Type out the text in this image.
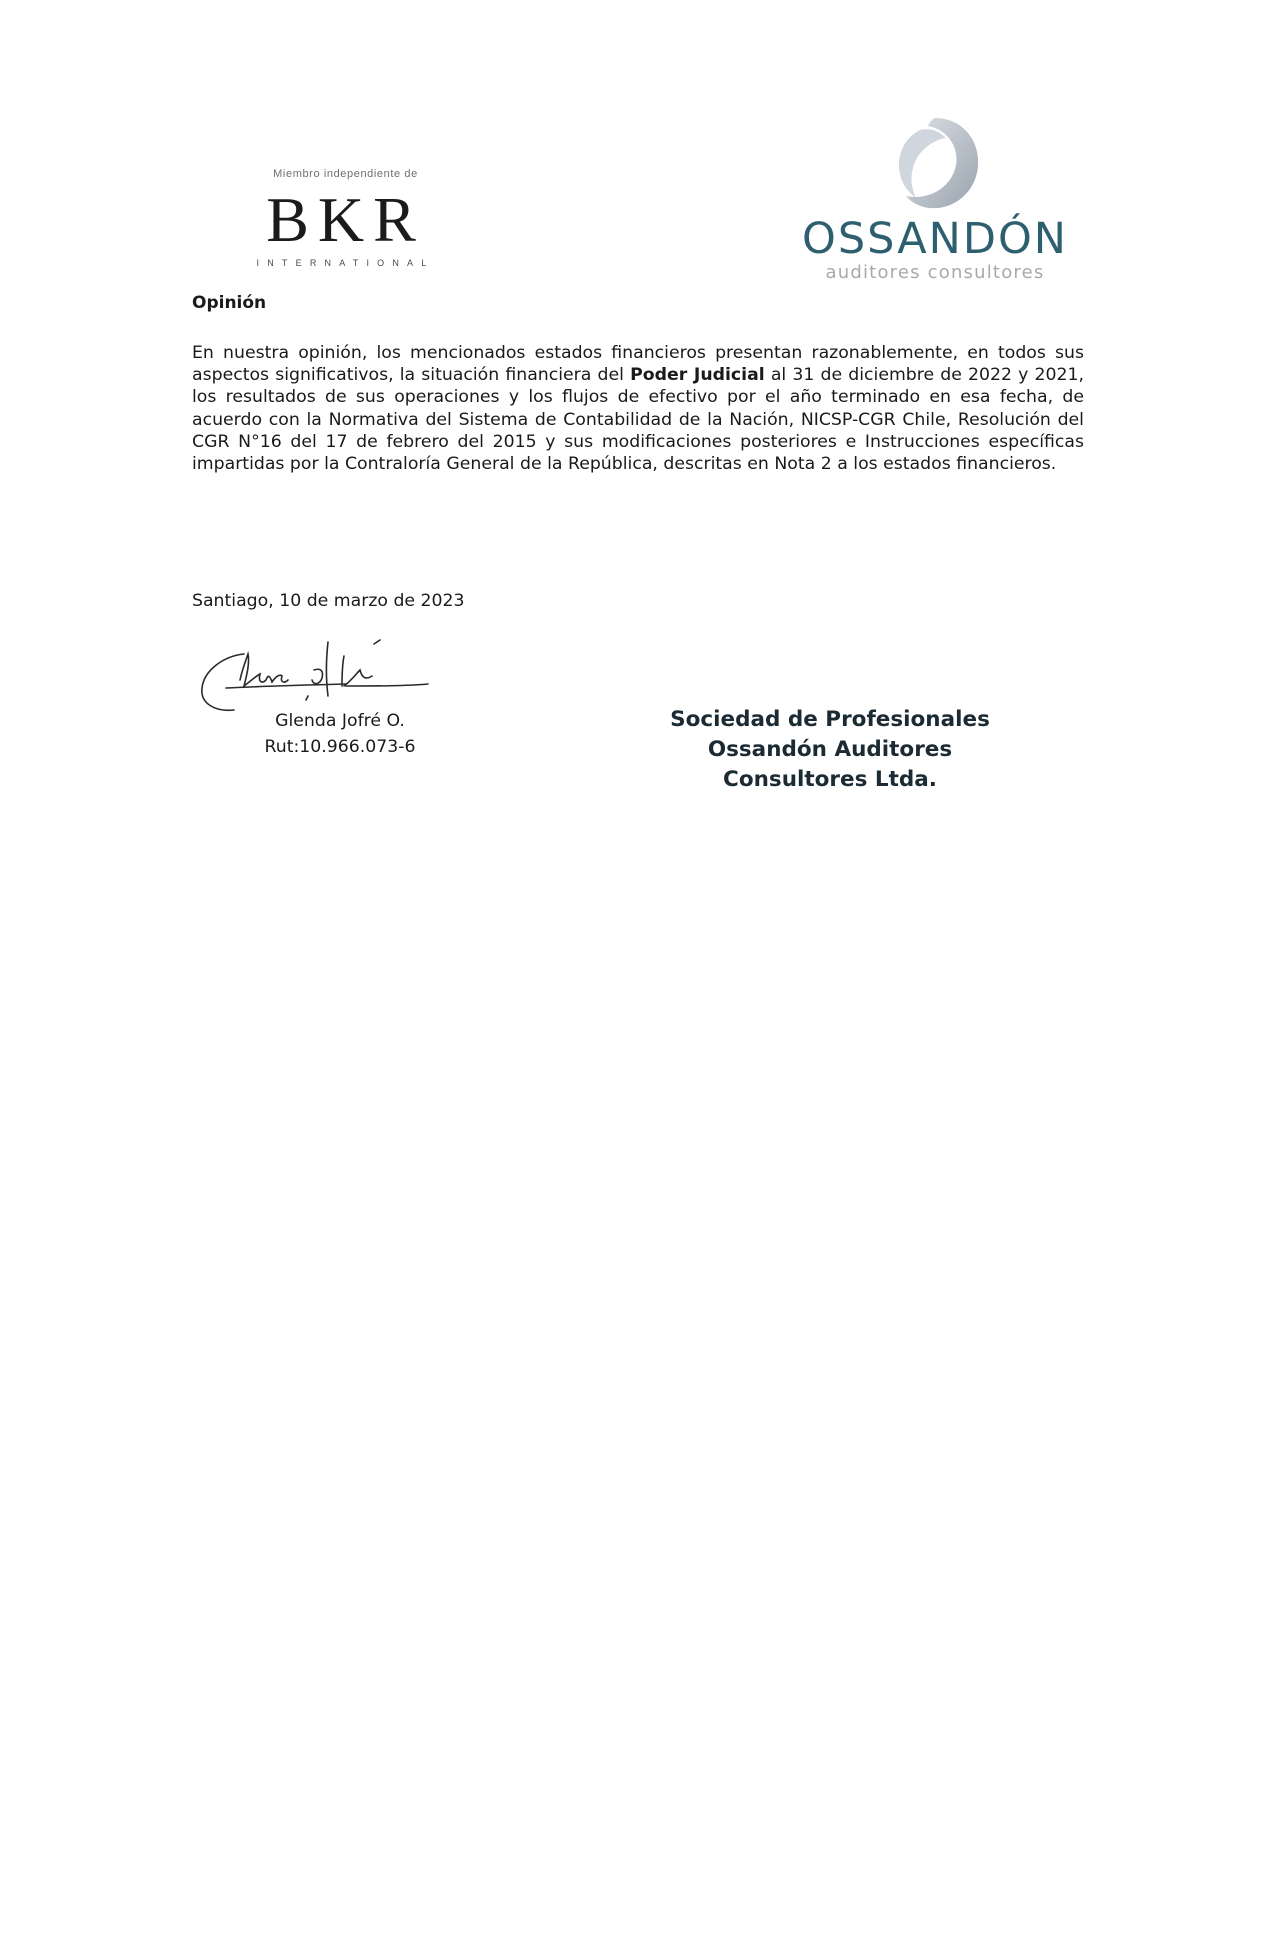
Miembro independiente de
BKR
INTERNATIONAL	OSSANDÓN
auditores consultores
Opinión

En nuestra opinión, los mencionados estados financieros presentan razonablemente, en todos sus aspectos significativos, la situación financiera del Poder Judicial al 31 de diciembre de 2022 y 2021, los resultados de sus operaciones y los flujos de efectivo por el año terminado en esa fecha, de acuerdo con la Normativa del Sistema de Contabilidad de la Nación, NICSP-CGR Chile, Resolución del CGR N°16 del 17 de febrero del 2015 y sus modificaciones posteriores e Instrucciones específicas impartidas por la Contraloría General de la República, descritas en Nota 2 a los estados financieros.

Santiago, 10 de marzo de 2023

Glenda Jofré O.
Rut:10.966.073-6
Sociedad de Profesionales
Ossandón Auditores
Consultores Ltda.
